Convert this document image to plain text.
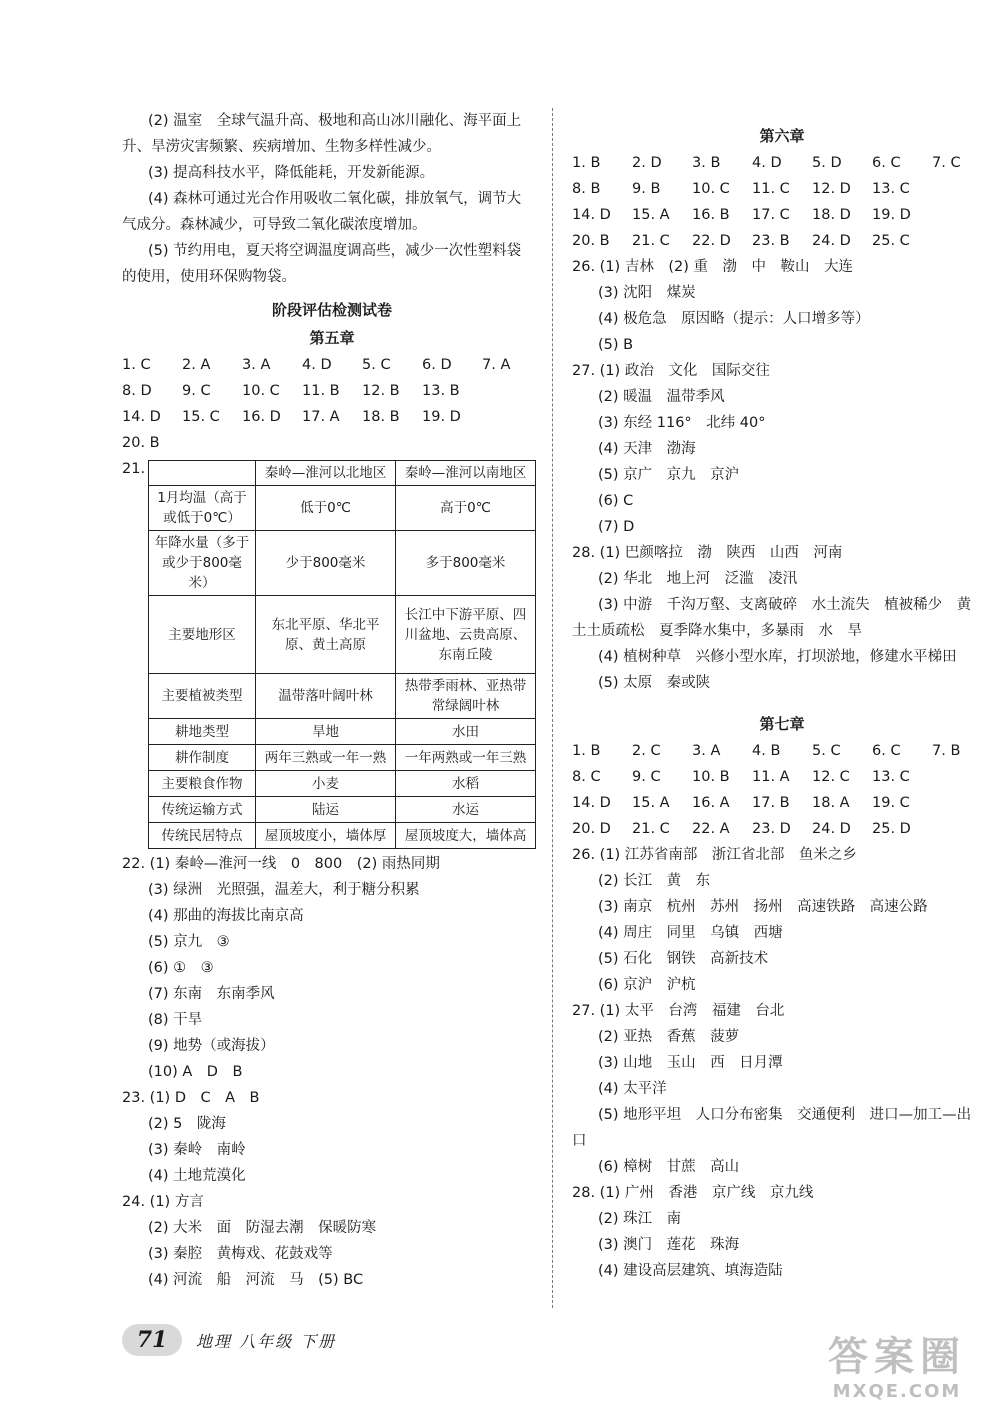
(2) 温室　全球气温升高、极地和高山冰川融化、海平面上
升、旱涝灾害频繁、疾病增加、生物多样性减少。
(3) 提高科技水平，降低能耗，开发新能源。
(4) 森林可通过光合作用吸收二氧化碳，排放氧气，调节大
气成分。森林减少，可导致二氧化碳浓度增加。
(5) 节约用电，夏天将空调温度调高些，减少一次性塑料袋
的使用，使用环保购物袋。
阶段评估检测试卷
第五章
1. C	2. A	3. A	4. D	5. C	6. D	7. A
8. D	9. C	10. C	11. B	12. B	13. B
14. D	15. C	16. D	17. A	18. B	19. D
20. B
21.
		秦岭—淮河以北地区	秦岭—淮河以南地区
1月均温（高于或低于0℃）	低于0℃	高于0℃
年降水量（多于或少于800毫米）	少于800毫米	多于800毫米
主要地形区	东北平原、华北平原、黄土高原	长江中下游平原、四川盆地、云贵高原、东南丘陵
主要植被类型	温带落叶阔叶林	热带季雨林、亚热带常绿阔叶林
耕地类型	旱地	水田
耕作制度	两年三熟或一年一熟	一年两熟或一年三熟
主要粮食作物	小麦	水稻
传统运输方式	陆运	水运
传统民居特点	屋顶坡度小，墙体厚	屋顶坡度大，墙体高
22. (1) 秦岭—淮河一线　0　800　(2) 雨热同期
(3) 绿洲　光照强，温差大，利于糖分积累
(4) 那曲的海拔比南京高
(5) 京九　③
(6) ①　③
(7) 东南　东南季风
(8) 干旱
(9) 地势（或海拔）
(10) A　D　B
23. (1) D　C　A　B
(2) 5　陇海
(3) 秦岭　南岭
(4) 土地荒漠化
24. (1) 方言
(2) 大米　面　防湿去潮　保暖防寒
(3) 秦腔　黄梅戏、花鼓戏等
(4) 河流　船　河流　马　(5) BC
第六章
1. B	2. D	3. B	4. D	5. D	6. C	7. C
8. B	9. B	10. C	11. C	12. D	13. C
14. D	15. A	16. B	17. C	18. D	19. D
20. B	21. C	22. D	23. B	24. D	25. C
26. (1) 吉林　(2) 重　渤　中　鞍山　大连
(3) 沈阳　煤炭
(4) 极危急　原因略（提示：人口增多等）
(5) B
27. (1) 政治　文化　国际交往
(2) 暖温　温带季风
(3) 东经 116°　北纬 40°
(4) 天津　渤海
(5) 京广　京九　京沪
(6) C
(7) D
28. (1) 巴颜喀拉　渤　陕西　山西　河南
(2) 华北　地上河　泛滥　凌汛
(3) 中游　千沟万壑、支离破碎　水土流失　植被稀少　黄
土土质疏松　夏季降水集中，多暴雨　水　旱
(4) 植树种草　兴修小型水库，打坝淤地，修建水平梯田
(5) 太原　秦或陕
第七章
1. B	2. C	3. A	4. B	5. C	6. C	7. B
8. C	9. C	10. B	11. A	12. C	13. C
14. D	15. A	16. A	17. B	18. A	19. C
20. D	21. C	22. A	23. D	24. D	25. D
26. (1) 江苏省南部　浙江省北部　鱼米之乡
(2) 长江　黄　东
(3) 南京　杭州　苏州　扬州　高速铁路　高速公路
(4) 周庄　同里　乌镇　西塘
(5) 石化　钢铁　高新技术
(6) 京沪　沪杭
27. (1) 太平　台湾　福建　台北
(2) 亚热　香蕉　菠萝
(3) 山地　玉山　西　日月潭
(4) 太平洋
(5) 地形平坦　人口分布密集　交通便利　进口—加工—出
口
(6) 樟树　甘蔗　高山
28. (1) 广州　香港　京广线　京九线
(2) 珠江　南
(3) 澳门　莲花　珠海
(4) 建设高层建筑、填海造陆
71	地理 八年级 下册	答案圈
MXQE.COM
